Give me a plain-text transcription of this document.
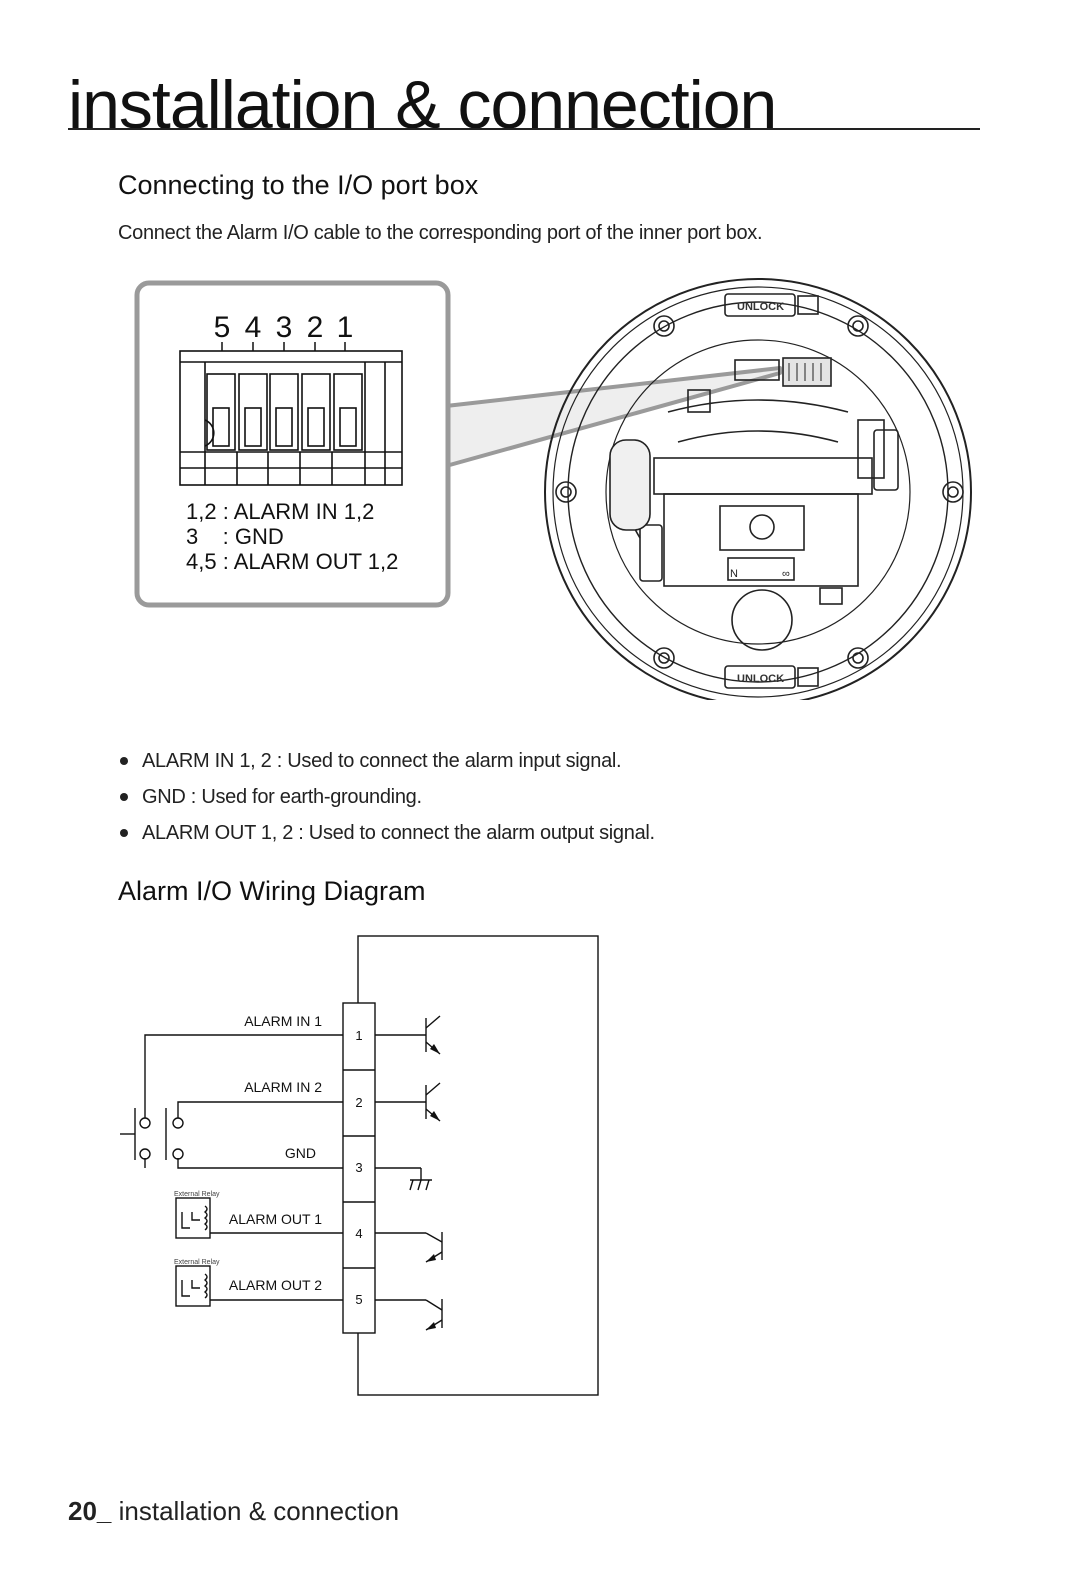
installation & connection
Connecting to the I/O port box
Connect the Alarm I/O cable to the corresponding port of the inner port box.
5 4 3 2 1
1,2 : ALARM IN 1,2
3    : GND
4,5 : ALARM OUT 1,2
UNLOCK
UNLOCK
N	∞
ALARM IN 1, 2 : Used to connect the alarm input signal.
GND : Used for earth-grounding.
ALARM OUT 1, 2 : Used to connect the alarm output signal.
Alarm I/O Wiring Diagram
1
2
3
4
5
ALARM IN 1
ALARM IN 2
GND
ALARM OUT 1
ALARM OUT 2
External Relay
External Relay
20_ installation & connection
